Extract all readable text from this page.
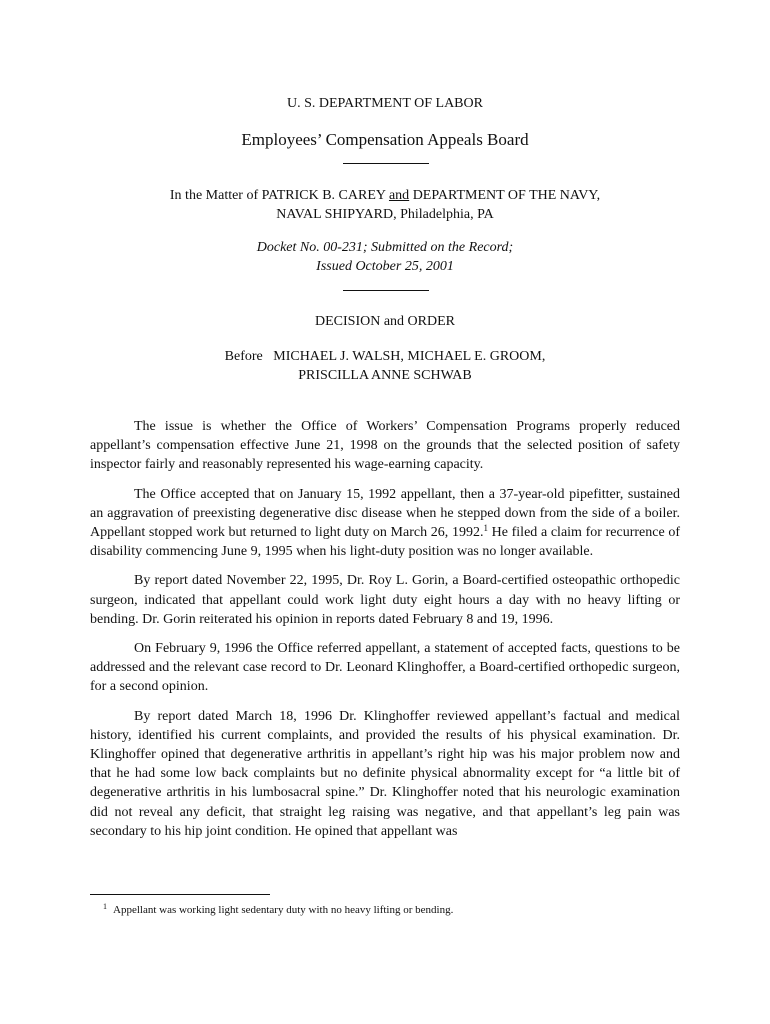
U. S. DEPARTMENT OF LABOR
Employees’ Compensation Appeals Board
In the Matter of PATRICK B. CAREY and DEPARTMENT OF THE NAVY,
NAVAL SHIPYARD, Philadelphia, PA
Docket No. 00-231; Submitted on the Record;
Issued October 25, 2001
DECISION and ORDER
Before   MICHAEL J. WALSH, MICHAEL E. GROOM,
PRISCILLA ANNE SCHWAB

The issue is whether the Office of Workers’ Compensation Programs properly reduced appellant’s compensation effective June 21, 1998 on the grounds that the selected position of safety inspector fairly and reasonably represented his wage-earning capacity.

The Office accepted that on January 15, 1992 appellant, then a 37-year-old pipefitter, sustained an aggravation of preexisting degenerative disc disease when he stepped down from the side of a boiler. Appellant stopped work but returned to light duty on March 26, 1992.$^1$ He filed a claim for recurrence of disability commencing June 9, 1995 when his light-duty position was no longer available.

By report dated November 22, 1995, Dr. Roy L. Gorin, a Board-certified osteopathic orthopedic surgeon, indicated that appellant could work light duty eight hours a day with no heavy lifting or bending. Dr. Gorin reiterated his opinion in reports dated February 8 and 19, 1996.

On February 9, 1996 the Office referred appellant, a statement of accepted facts, questions to be addressed and the relevant case record to Dr. Leonard Klinghoffer, a Board-certified orthopedic surgeon, for a second opinion.

By report dated March 18, 1996 Dr. Klinghoffer reviewed appellant’s factual and medical history, identified his current complaints, and provided the results of his physical examination. Dr. Klinghoffer opined that degenerative arthritis in appellant’s right hip was his major problem now and that he had some low back complaints but no definite physical abnormality except for “a little bit of degenerative arthritis in his lumbosacral spine.” Dr. Klinghoffer noted that his neurologic examination did not reveal any deficit, that straight leg raising was negative, and that appellant’s leg pain was secondary to his hip joint condition. He opined that appellant was

$^1$ Appellant was working light sedentary duty with no heavy lifting or bending.
